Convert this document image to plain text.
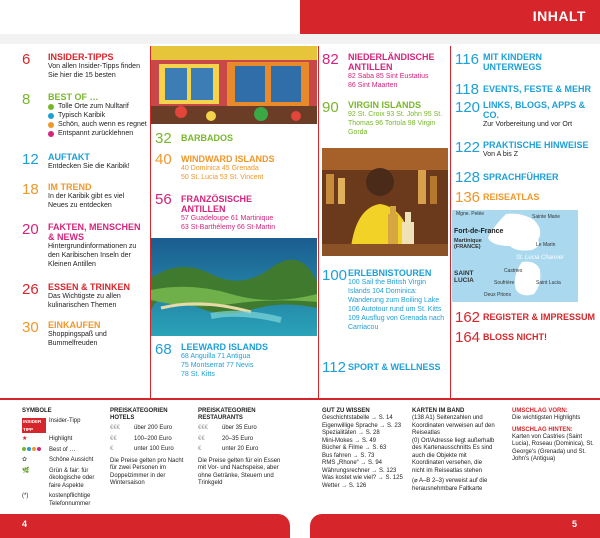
INHALT
6 INSIDER-TIPPS
Von allen Insider-Tipps finden Sie hier die 15 besten
8 BEST OF …
Tolle Orte zum Nulltarif
Typisch Karibik
Schön, auch wenn es regnet
Entspannt zurücklehnen
12 AUFTAKT
Entdecken Sie die Karibik!
18 IM TREND
In der Karibik gibt es viel Neues zu entdecken
20 FAKTEN, MENSCHEN & NEWS
Hintergrundinformationen zu den Karibischen Inseln der Kleinen Antillen
26 ESSEN & TRINKEN
Das Wichtigste zu allen kulinarischen Themen
30 EINKAUFEN
Shoppingspaß und Bummelfreuden
32 BARBADOS
40 WINDWARD ISLANDS
40 Dominica 45 Grenada
50 St. Lucia 53 St. Vincent
56 FRANZÖSISCHE ANTILLEN
57 Guadeloupe 61 Martinique
63 St-Barthélemy 66 St-Martin
68 LEEWARD ISLANDS
68 Anguilla 71 Antigua
75 Montserrat 77 Nevis
78 St. Kitts
82 NIEDERLÄNDISCHE ANTILLEN
82 Saba 85 Sint Eustatius
86 Sint Maarten
90 VIRGIN ISLANDS
92 St. Croix 93 St. John 95 St. Thomas 96 Tortola 98 Virgin Gorda
100 ERLEBNISTOUREN
100 Sail the British Virgin Islands 104 Dominica: Wanderung zum Boiling Lake
106 Autotour rund um St. Kitts
109 Ausflug von Grenada nach Carriacou
112 SPORT & WELLNESS
116 MIT KINDERN UNTERWEGS
118 EVENTS, FESTE & MEHR
120 LINKS, BLOGS, APPS & CO.
Zur Vorbereitung und vor Ort
122 PRAKTISCHE HINWEISE
Von A bis Z
128 SPRACHFÜHRER
136 REISEATLAS
Mgne. Pelée	Sainte Marie
Fort-de-France
Martinique (FRANCE)	Le Marin
St. Lucia Channel
SAINT LUCIA
Castries
Soufrière	Saint Lucia
Deux Pitons
162 REGISTER & IMPRESSUM
164 BLOSS NICHT!
SYMBOLE
INSIDER TIPP
Insider-Tipp
★	Highlight
Best of …
✿	Schöne Aussicht
🌿	Grün & fair: für ökologische oder faire Aspekte
(*)	kostenpflichtige Telefonnummer
PREISKATEGORIEN HOTELS
€€€	über 200 Euro
€€	100–200 Euro
€	unter 100 Euro
Die Preise gelten pro Nacht für zwei Personen im Doppelzimmer in der Wintersaison
PREISKATEGORIEN RESTAURANTS
€€€	über 35 Euro
€€	20–35 Euro
€	unter 20 Euro
Die Preise gelten für ein Essen mit Vor- und Nachspeise, aber ohne Getränke, Steuern und Trinkgeld
GUT ZU WISSEN
Geschichtstabelle → S. 14
Eigenwillige Sprache → S. 23
Spezialitäten → S. 28
Mini-Mokes → S. 49
Bücher & Filme → S. 63
Bus fahren → S. 73
RMS „Rhone“ → S. 94
Währungsrechner → S. 123
Was kostet wie viel? → S. 125
Wetter → S. 126
KARTEN IM BAND
(138 A1) Seitenzahlen und Koordinaten verweisen auf den Reiseatlas
(0) Ort/Adresse liegt außerhalb des Kartenausschnitts Es sind auch die Objekte mit Koordinaten versehen, die nicht im Reiseatlas stehen
(⌀ A–B 2–3) verweist auf die herausnehmbare Faltkarte
UMSCHLAG VORN:
Die wichtigsten Highlights
UMSCHLAG HINTEN:
Karten von Castries (Saint Lucia), Roseau (Dominica), St. George's (Grenada) und St. John's (Antigua)
4	5
